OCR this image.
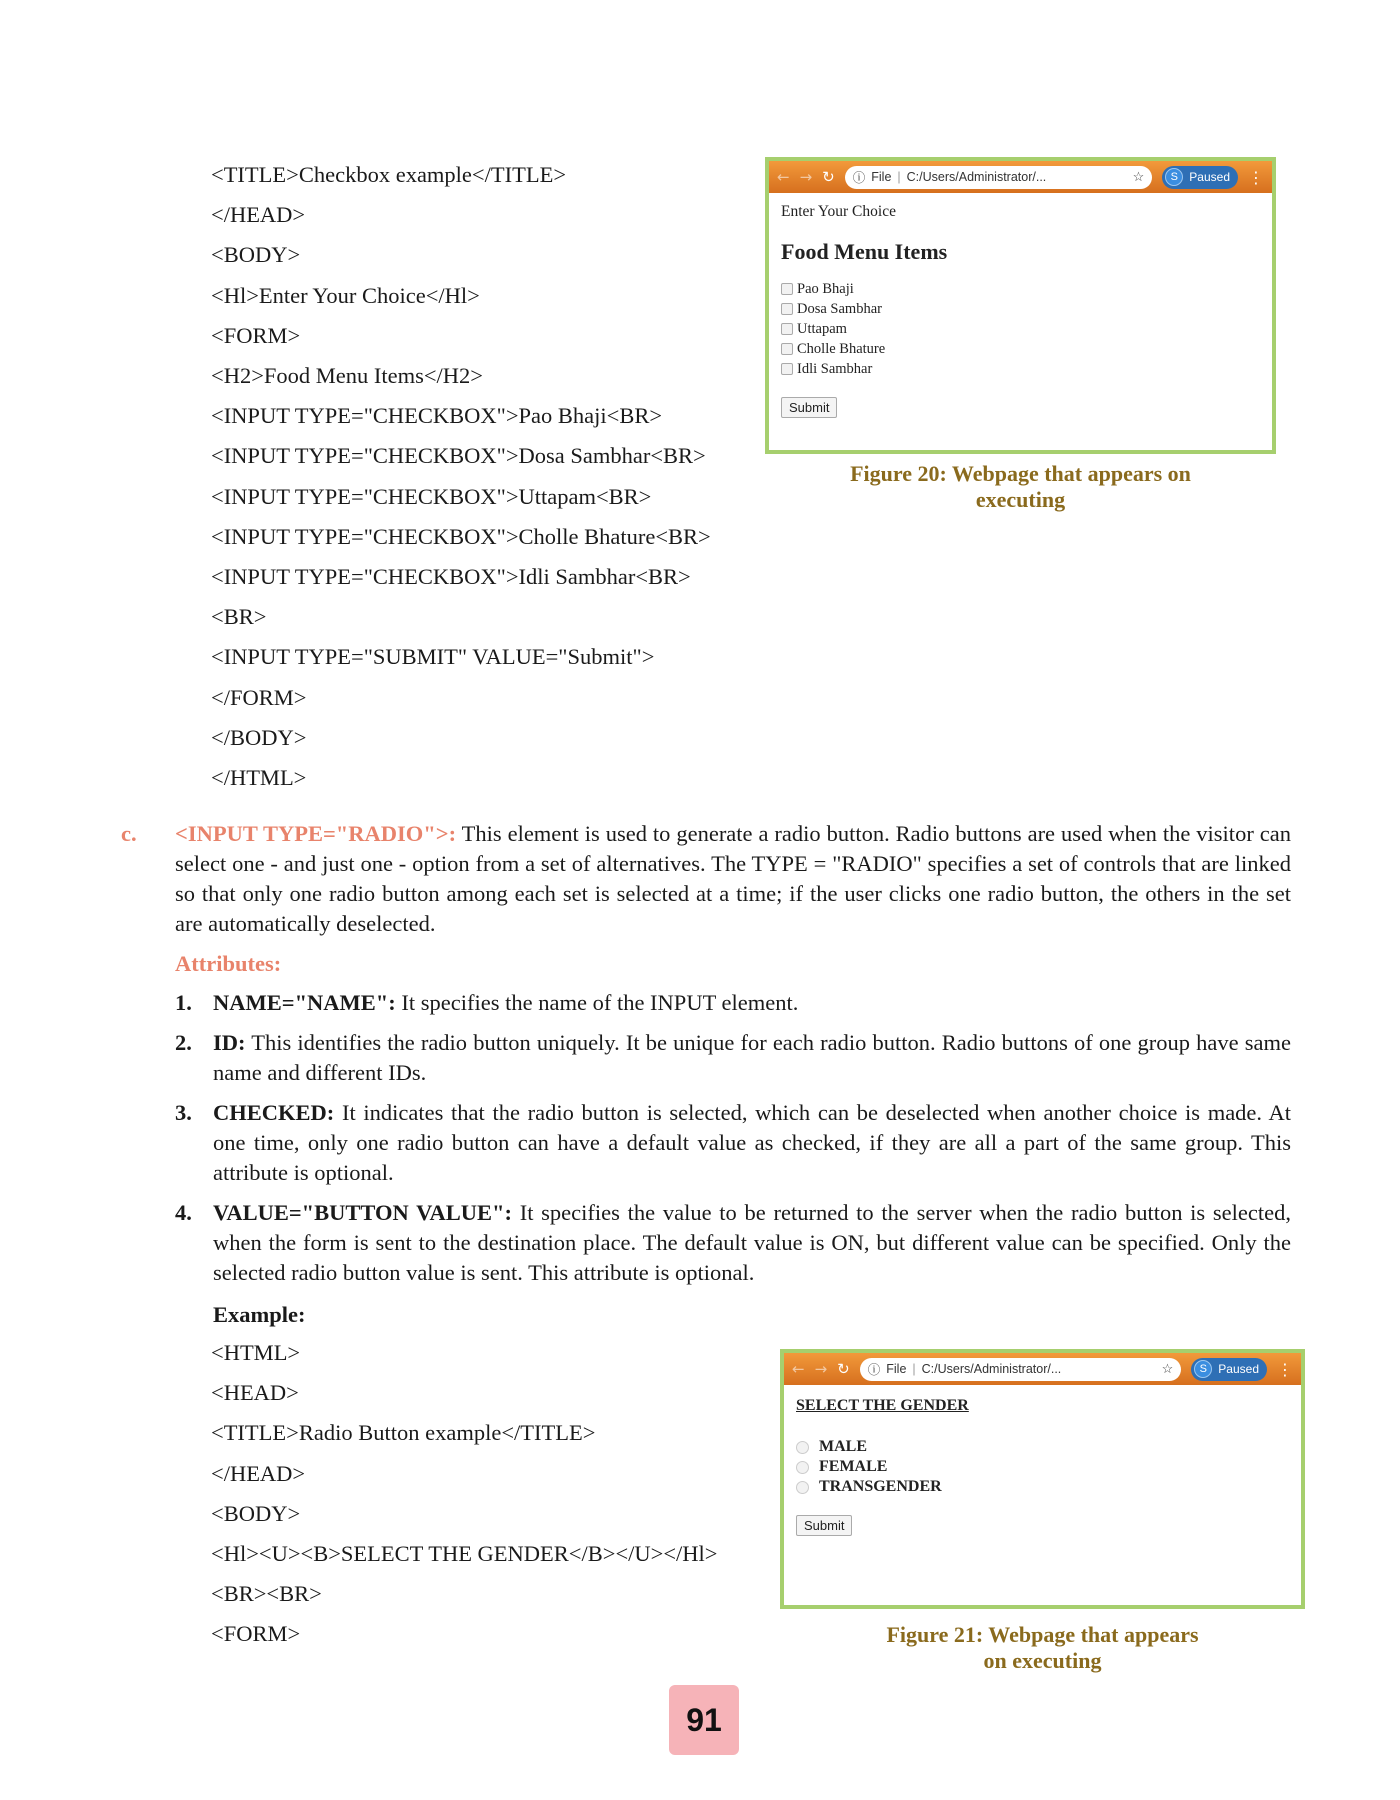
<TITLE>Checkbox example</TITLE>
</HEAD>
<BODY>
<Hl>Enter Your Choice</Hl>
<FORM>
<H2>Food Menu Items</H2>
<INPUT TYPE="CHECKBOX">Pao Bhaji<BR>
<INPUT TYPE="CHECKBOX">Dosa Sambhar<BR>
<INPUT TYPE="CHECKBOX">Uttapam<BR>
<INPUT TYPE="CHECKBOX">Cholle Bhature<BR>
<INPUT TYPE="CHECKBOX">Idli Sambhar<BR>
<BR>
<INPUT TYPE="SUBMIT" VALUE="Submit">
</FORM>
</BODY>
</HTML>
← → ↻ ⓘ File | C:/Users/Administrator/...	☆	S Paused ⋮
Enter Your Choice
Food Menu Items
Pao Bhaji
Dosa Sambhar
Uttapam
Cholle Bhature
Idli Sambhar
Submit
Figure 20: Webpage that appears on
executing
c. <INPUT TYPE="RADIO">: This element is used to generate a radio button. Radio buttons are used when the visitor can select one - and just one - option from a set of alternatives. The TYPE = "RADIO" specifies a set of controls that are linked so that only one radio button among each set is selected at a time; if the user clicks one radio button, the others in the set are automatically deselected.
Attributes:
1. NAME="NAME": It specifies the name of the INPUT element.
2. ID: This identifies the radio button uniquely. It be unique for each radio button. Radio buttons of one group have same name and different IDs.
3. CHECKED: It indicates that the radio button is selected, which can be deselected when another choice is made. At one time, only one radio button can have a default value as checked, if they are all a part of the same group. This attribute is optional.
4. VALUE="BUTTON VALUE": It specifies the value to be returned to the server when the radio button is selected, when the form is sent to the destination place. The default value is ON, but different value can be specified. Only the selected radio button value is sent. This attribute is optional.
Example:
<HTML>
<HEAD>
<TITLE>Radio Button example</TITLE>
</HEAD>
<BODY>
<Hl><U><B>SELECT THE GENDER</B></U></Hl>
<BR><BR>
<FORM>
← → ↻ ⓘ File | C:/Users/Administrator/...	☆	S Paused ⋮
SELECT THE GENDER
MALE
FEMALE
TRANSGENDER
Submit
Figure 21: Webpage that appears
on executing
91
